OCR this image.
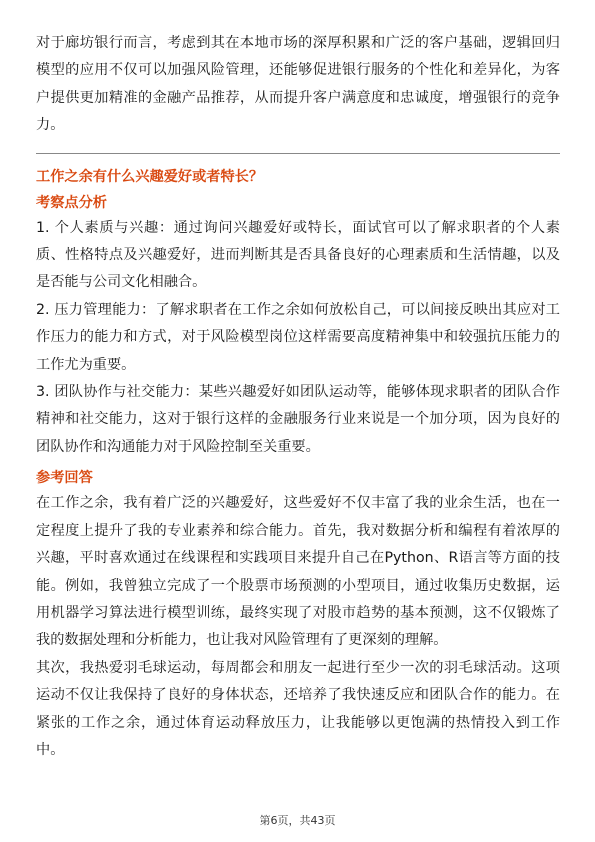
对于廊坊银行而言，考虑到其在本地市场的深厚积累和广泛的客户基础，逻辑回归模型的应用不仅可以加强风险管理，还能够促进银行服务的个性化和差异化，为客户提供更加精准的金融产品推荐，从而提升客户满意度和忠诚度，增强银行的竞争力。

工作之余有什么兴趣爱好或者特长？
考察点分析

1. 个人素质与兴趣：通过询问兴趣爱好或特长，面试官可以了解求职者的个人素质、性格特点及兴趣爱好，进而判断其是否具备良好的心理素质和生活情趣，以及是否能与公司文化相融合。

2. 压力管理能力：了解求职者在工作之余如何放松自己，可以间接反映出其应对工作压力的能力和方式，对于风险模型岗位这样需要高度精神集中和较强抗压能力的工作尤为重要。

3. 团队协作与社交能力：某些兴趣爱好如团队运动等，能够体现求职者的团队合作精神和社交能力，这对于银行这样的金融服务行业来说是一个加分项，因为良好的团队协作和沟通能力对于风险控制至关重要。

参考回答

在工作之余，我有着广泛的兴趣爱好，这些爱好不仅丰富了我的业余生活，也在一定程度上提升了我的专业素养和综合能力。首先，我对数据分析和编程有着浓厚的兴趣，平时喜欢通过在线课程和实践项目来提升自己在Python、R语言等方面的技能。例如，我曾独立完成了一个股票市场预测的小型项目，通过收集历史数据，运用机器学习算法进行模型训练，最终实现了对股市趋势的基本预测，这不仅锻炼了我的数据处理和分析能力，也让我对风险管理有了更深刻的理解。

其次，我热爱羽毛球运动，每周都会和朋友一起进行至少一次的羽毛球活动。这项运动不仅让我保持了良好的身体状态，还培养了我快速反应和团队合作的能力。在紧张的工作之余，通过体育运动释放压力，让我能够以更饱满的热情投入到工作中。

第6页，共43页
